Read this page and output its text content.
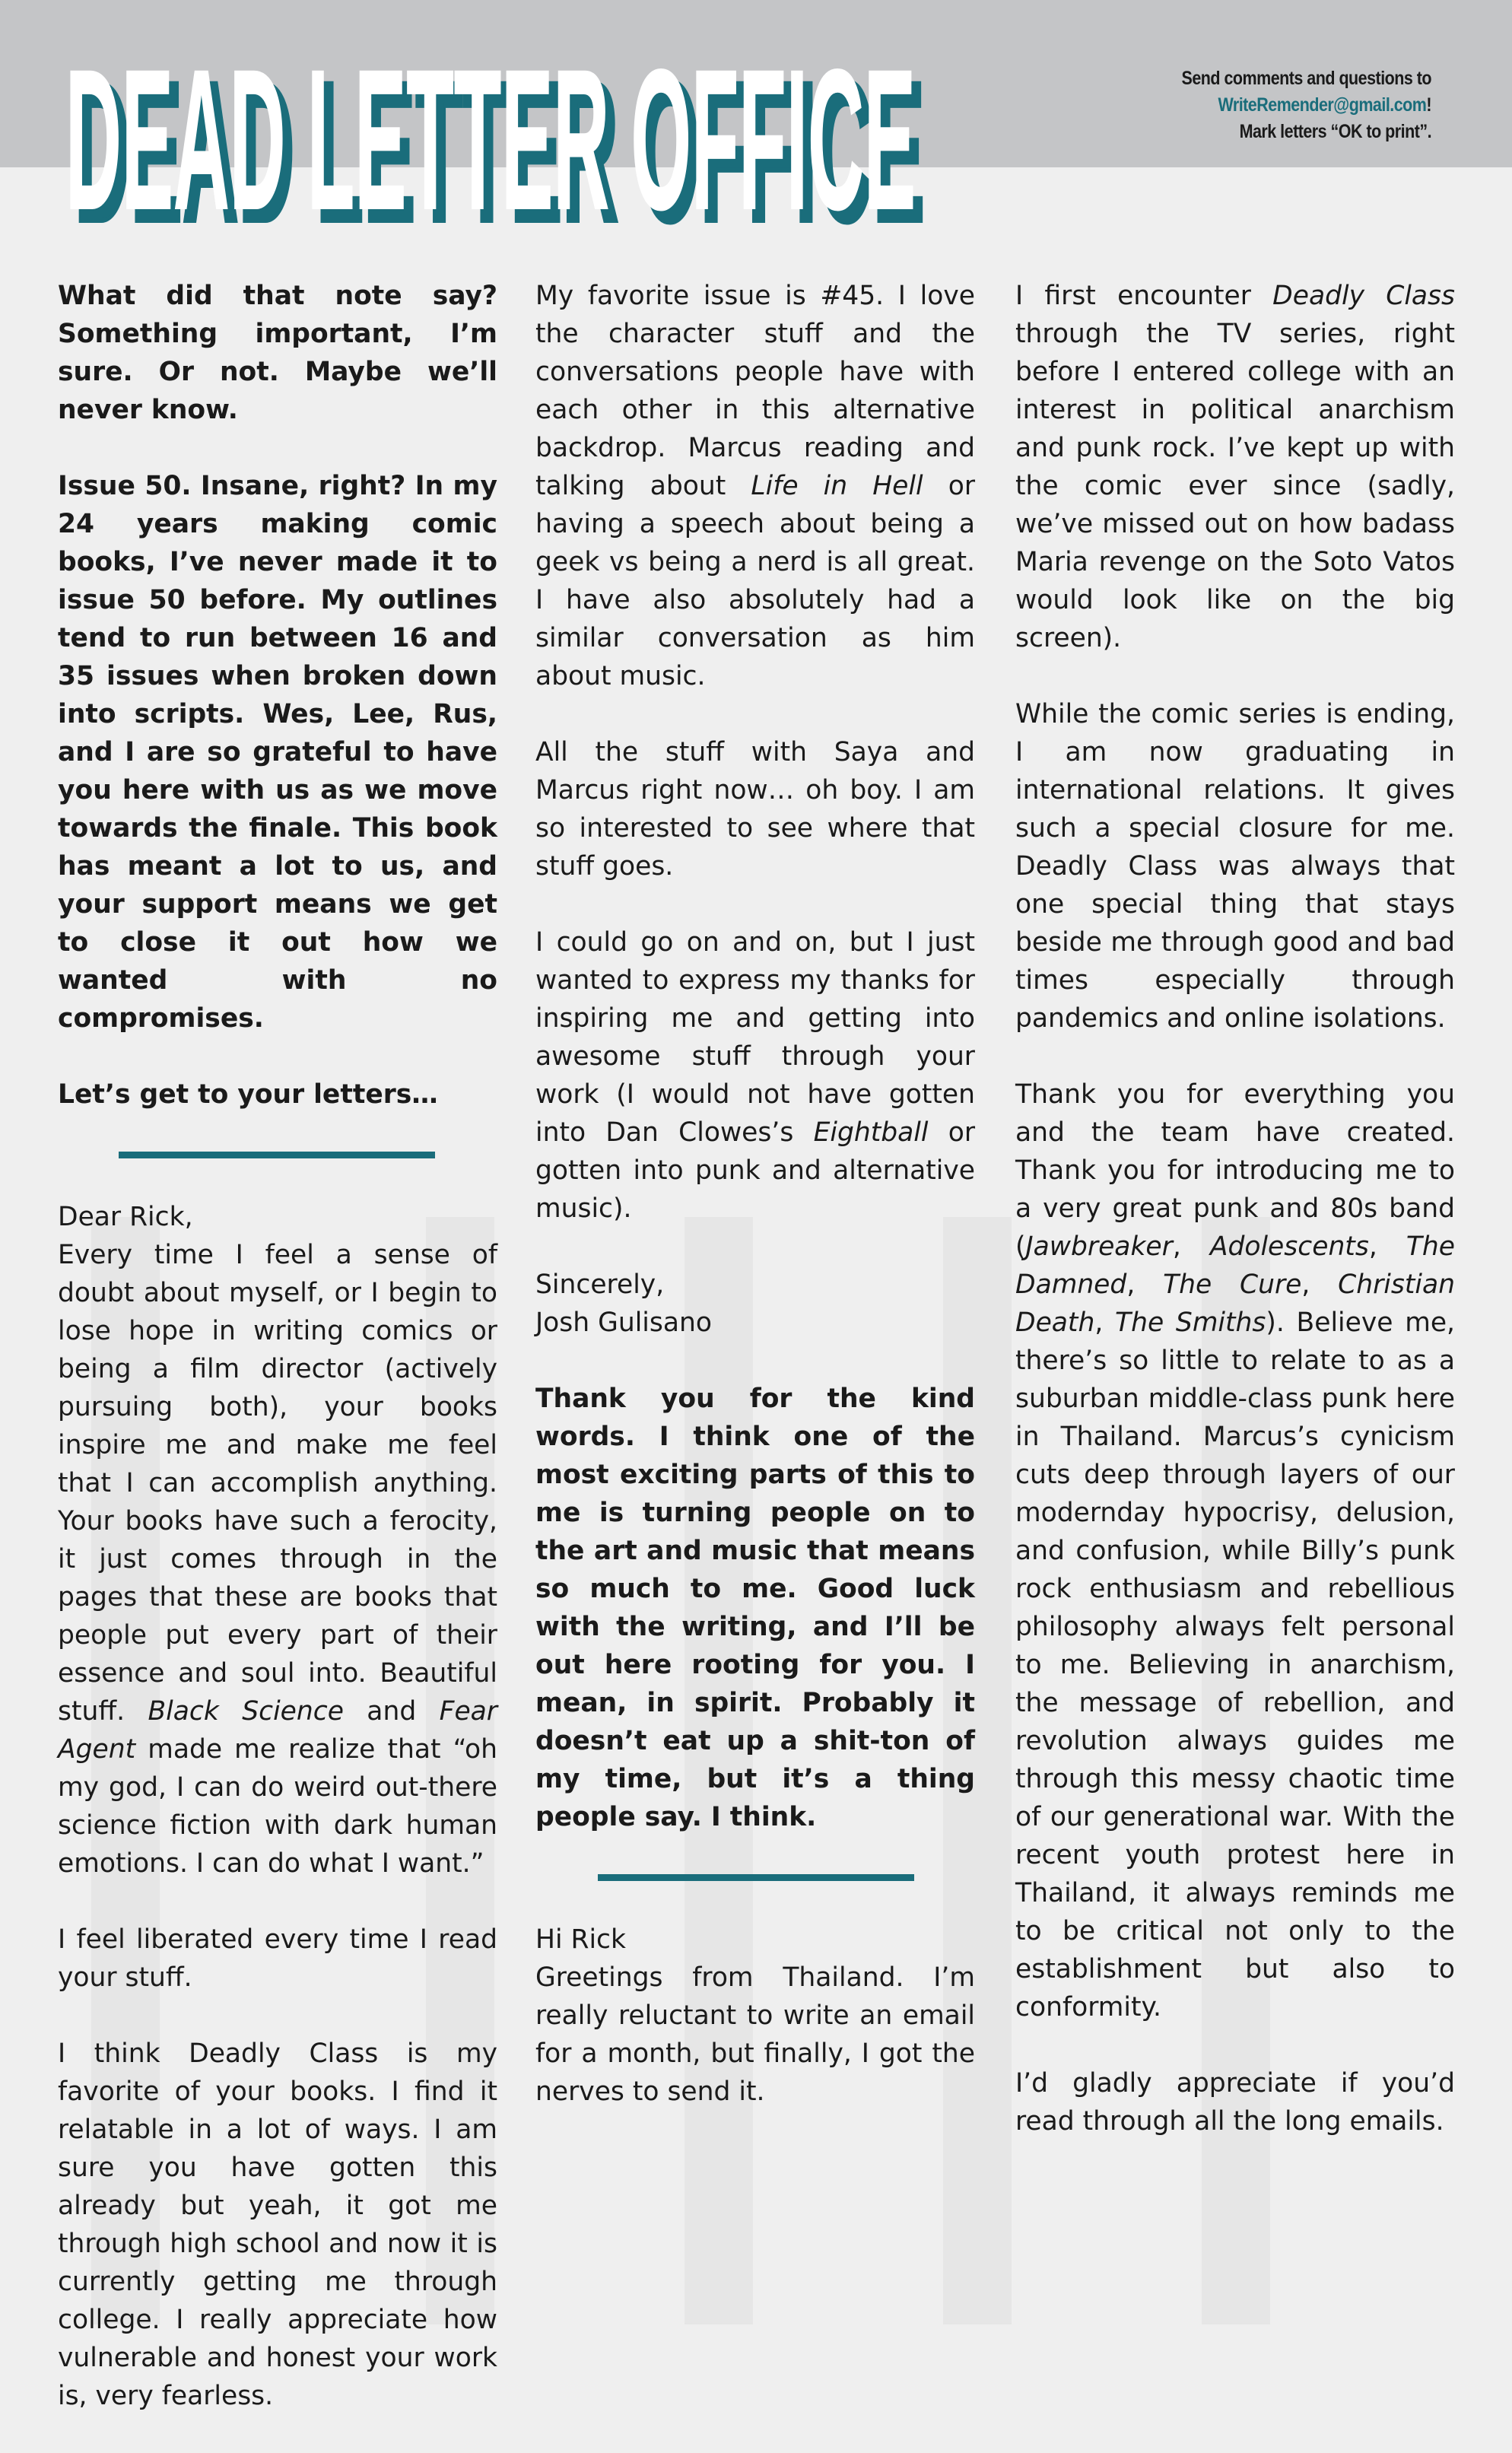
DEAD LETTER OFFICE
DEAD LETTER OFFICE	Send comments and questions to
WriteRemender@gmail.com!
Mark letters “OK to print”.

What did that note say? Something important, I’m sure. Or not. Maybe we’ll never know.

Issue 50. Insane, right? In my 24 years making comic books, I’ve never made it to issue 50 before. My outlines tend to run between 16 and 35 issues when broken down into scripts. Wes, Lee, Rus, and I are so grateful to have you here with us as we move towards the finale. This book has meant a lot to us, and your support means we get to close it out how we wanted with no compromises.

Let’s get to your letters…

Dear Rick,

Every time I feel a sense of doubt about myself, or I begin to lose hope in writing comics or being a film director (actively pursuing both), your books inspire me and make me feel that I can accomplish anything. Your books have such a ferocity, it just comes through in the pages that these are books that people put every part of their essence and soul into. Beautiful stuff. Black Science and Fear Agent made me realize that “oh my god, I can do weird out-there science fiction with dark human emotions. I can do what I want.”

I feel liberated every time I read your stuff.

I think Deadly Class is my favorite of your books. I find it relatable in a lot of ways. I am sure you have gotten this already but yeah, it got me through high school and now it is currently getting me through college. I really appreciate how vulnerable and honest your work is, very fearless.

My favorite issue is #45. I love the character stuff and the conversations people have with each other in this alternative backdrop. Marcus reading and talking about Life in Hell or having a speech about being a geek vs being a nerd is all great. I have also absolutely had a similar conversation as him about music.

All the stuff with Saya and Marcus right now… oh boy. I am so interested to see where that stuff goes.

I could go on and on, but I just wanted to express my thanks for inspiring me and getting into awesome stuff through your work (I would not have gotten into Dan Clowes’s Eightball or gotten into punk and alternative music).

Sincerely,

Josh Gulisano

Thank you for the kind words. I think one of the most exciting parts of this to me is turning people on to the art and music that means so much to me. Good luck with the writing, and I’ll be out here rooting for you. I mean, in spirit. Probably it doesn’t eat up a shit-ton of my time, but it’s a thing people say. I think.

Hi Rick

Greetings from Thailand. I’m really reluctant to write an email for a month, but finally, I got the nerves to send it.

I first encounter Deadly Class through the TV series, right before I entered college with an interest in political anarchism and punk rock. I’ve kept up with the comic ever since (sadly, we’ve missed out on how badass Maria revenge on the Soto Vatos would look like on the big screen).

While the comic series is ending, I am now graduating in international relations. It gives such a special closure for me. Deadly Class was always that one special thing that stays beside me through good and bad times especially through pandemics and online isolations.

Thank you for everything you and the team have created. Thank you for introducing me to a very great punk and 80s band (Jawbreaker, Adolescents, The Damned, The Cure, Christian Death, The Smiths). Believe me, there’s so little to relate to as a suburban middle-class punk here in Thailand. Marcus’s cynicism cuts deep through layers of our modernday hypocrisy, delusion, and confusion, while Billy’s punk rock enthusiasm and rebellious philosophy always felt personal to me. Believing in anarchism, the message of rebellion, and revolution always guides me through this messy chaotic time of our generational war. With the recent youth protest here in Thailand, it always reminds me to be critical not only to the establishment but also to conformity.

I’d gladly appreciate if you’d read through all the long emails.
